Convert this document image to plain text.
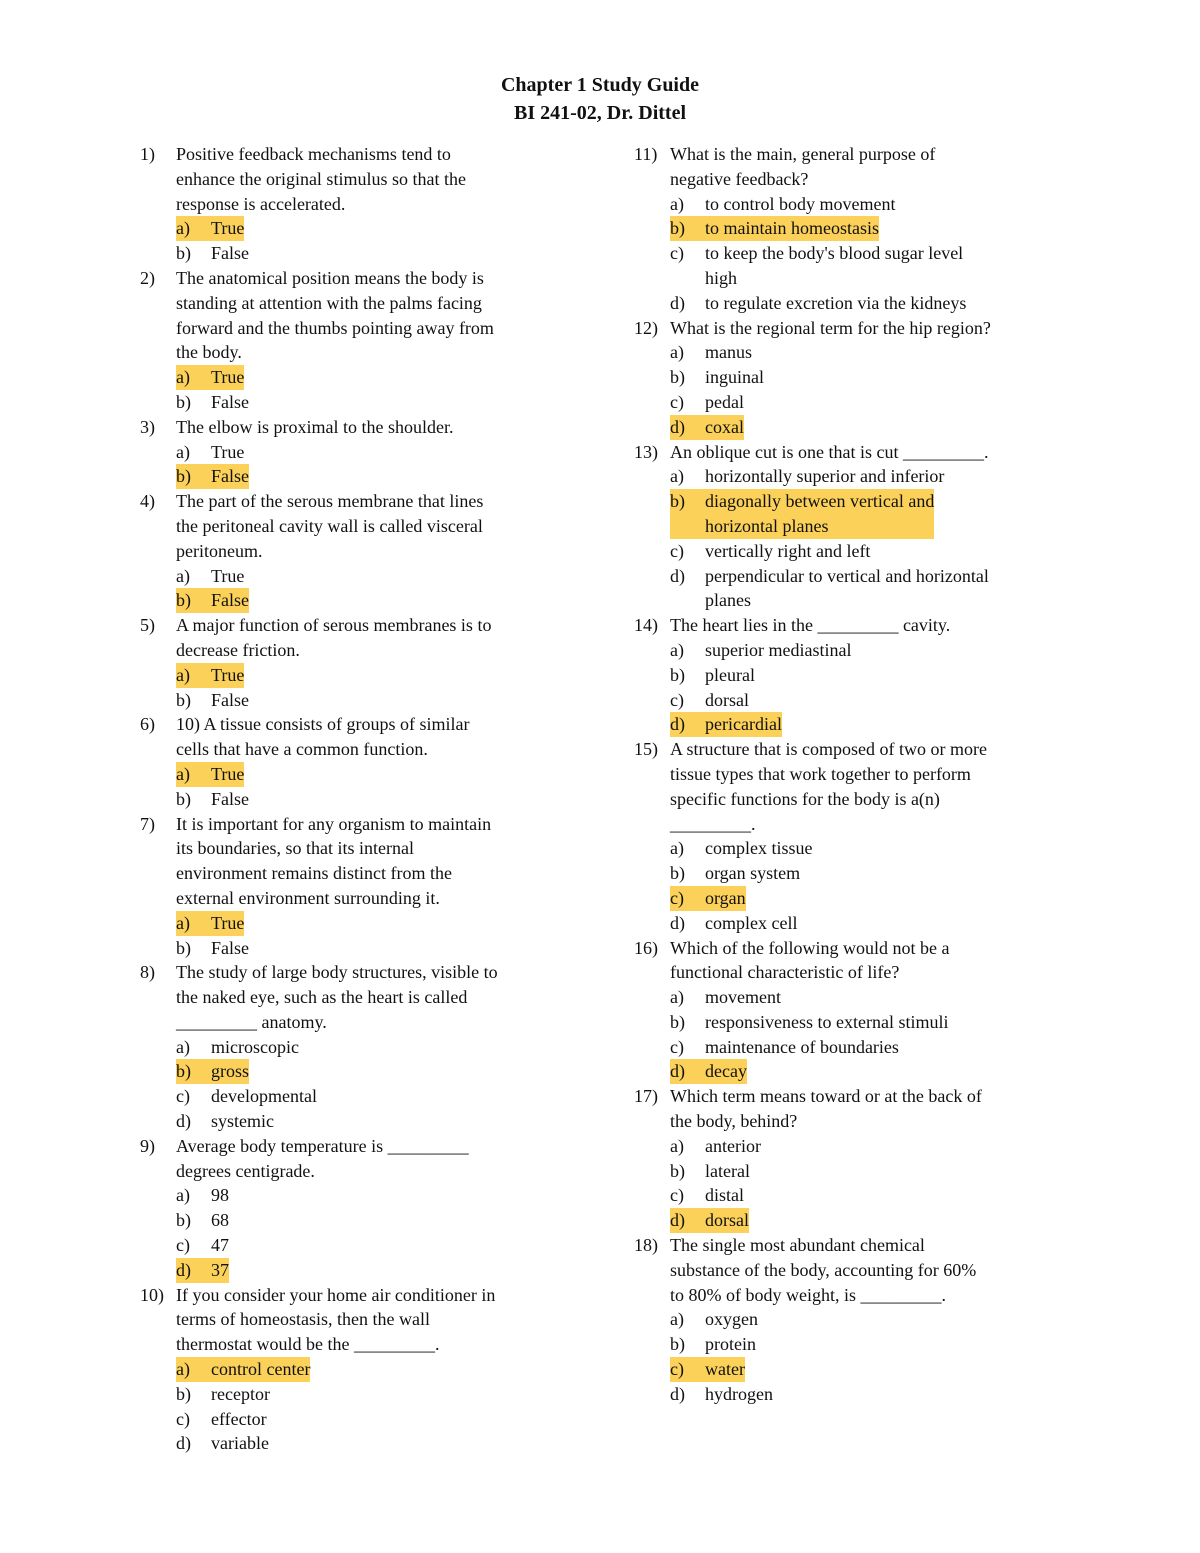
Chapter 1 Study Guide
BI 241-02, Dr. Dittel
1)	Positive feedback mechanisms tend to
enhance the original stimulus so that the
response is accelerated.
a)	True
b)	False
2)	The anatomical position means the body is
standing at attention with the palms facing
forward and the thumbs pointing away from
the body.
a)	True
b)	False
3)	The elbow is proximal to the shoulder.
a)	True
b)	False
4)	The part of the serous membrane that lines
the peritoneal cavity wall is called visceral
peritoneum.
a)	True
b)	False
5)	A major function of serous membranes is to
decrease friction.
a)	True
b)	False
6)	10) A tissue consists of groups of similar
cells that have a common function.
a)	True
b)	False
7)	It is important for any organism to maintain
its boundaries, so that its internal
environment remains distinct from the
external environment surrounding it.
a)	True
b)	False
8)	The study of large body structures, visible to
the naked eye, such as the heart is called
_________ anatomy.
a)	microscopic
b)	gross
c)	developmental
d)	systemic
9)	Average body temperature is _________
degrees centigrade.
a)	98
b)	68
c)	47
d)	37
10) If you consider your home air conditioner in
terms of homeostasis, then the wall
thermostat would be the _________.
a)	control center
b)	receptor
c)	effector
d)	variable
11) What is the main, general purpose of
negative feedback?
a)	to control body movement
b)	to maintain homeostasis
c)	to keep the body's blood sugar level
high
d)	to regulate excretion via the kidneys
12) What is the regional term for the hip region?
a)	manus
b)	inguinal
c)	pedal
d)	coxal
13) An oblique cut is one that is cut _________.
a)	horizontally superior and inferior
b)	diagonally between vertical and
horizontal planes
c)	vertically right and left
d)	perpendicular to vertical and horizontal
planes
14) The heart lies in the _________ cavity.
a)	superior mediastinal
b)	pleural
c)	dorsal
d)	pericardial
15) A structure that is composed of two or more
tissue types that work together to perform
specific functions for the body is a(n)
_________.
a)	complex tissue
b)	organ system
c)	organ
d)	complex cell
16) Which of the following would not be a
functional characteristic of life?
a)	movement
b)	responsiveness to external stimuli
c)	maintenance of boundaries
d)	decay
17) Which term means toward or at the back of
the body, behind?
a)	anterior
b)	lateral
c)	distal
d)	dorsal
18) The single most abundant chemical
substance of the body, accounting for 60%
to 80% of body weight, is _________.
a)	oxygen
b)	protein
c)	water
d)	hydrogen
